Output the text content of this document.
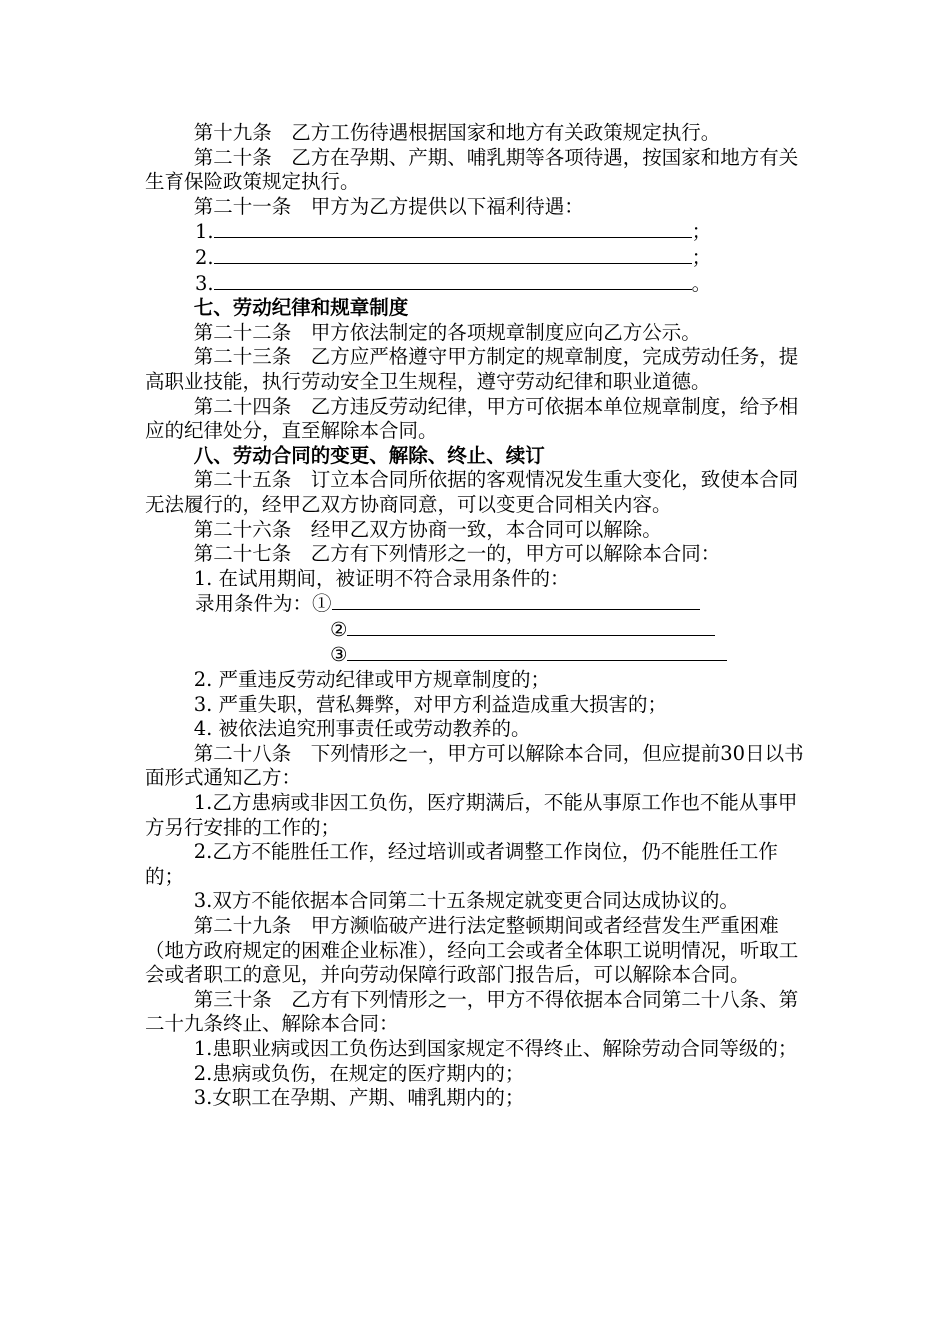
第十九条　乙方工伤待遇根据国家和地方有关政策规定执行。

第二十条　乙方在孕期、产期、哺乳期等各项待遇，按国家和地方有关生育保险政策规定执行。

第二十一条　甲方为乙方提供以下福利待遇：

1.	；
2.	；
3.	。

七、劳动纪律和规章制度

第二十二条　甲方依法制定的各项规章制度应向乙方公示。

第二十三条　乙方应严格遵守甲方制定的规章制度，完成劳动任务，提高职业技能，执行劳动安全卫生规程，遵守劳动纪律和职业道德。

第二十四条　乙方违反劳动纪律，甲方可依据本单位规章制度，给予相应的纪律处分，直至解除本合同。

八、劳动合同的变更、解除、终止、续订

第二十五条　订立本合同所依据的客观情况发生重大变化，致使本合同无法履行的，经甲乙双方协商同意，可以变更合同相关内容。

第二十六条　经甲乙双方协商一致，本合同可以解除。

第二十七条　乙方有下列情形之一的，甲方可以解除本合同：

1. 在试用期间，被证明不符合录用条件的：

录用条件为：①
②
③

2. 严重违反劳动纪律或甲方规章制度的；

3. 严重失职，营私舞弊，对甲方利益造成重大损害的；

4. 被依法追究刑事责任或劳动教养的。

第二十八条　下列情形之一，甲方可以解除本合同，但应提前30日以书面形式通知乙方：

1.乙方患病或非因工负伤，医疗期满后，不能从事原工作也不能从事甲方另行安排的工作的；

2.乙方不能胜任工作，经过培训或者调整工作岗位，仍不能胜任工作的；

3.双方不能依据本合同第二十五条规定就变更合同达成协议的。

第二十九条　甲方濒临破产进行法定整顿期间或者经营发生严重困难（地方政府规定的困难企业标准），经向工会或者全体职工说明情况，听取工会或者职工的意见，并向劳动保障行政部门报告后，可以解除本合同。

第三十条　乙方有下列情形之一，甲方不得依据本合同第二十八条、第二十九条终止、解除本合同：

1.患职业病或因工负伤达到国家规定不得终止、解除劳动合同等级的；

2.患病或负伤，在规定的医疗期内的；

3.女职工在孕期、产期、哺乳期内的；
